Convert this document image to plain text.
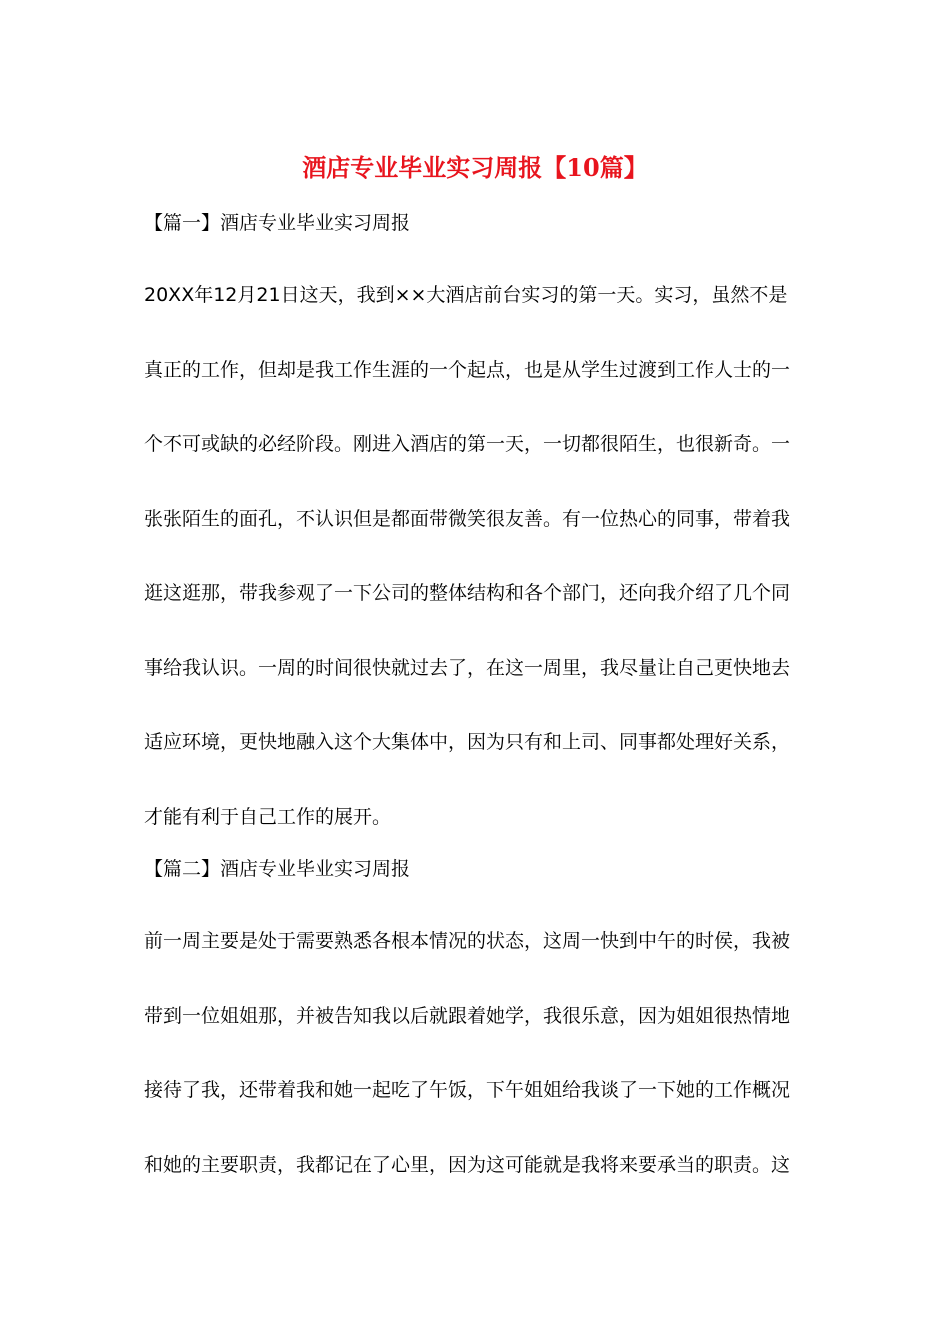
酒店专业毕业实习周报【10篇】

【篇一】酒店专业毕业实习周报

20XX年12月21日这天，我到××大酒店前台实习的第一天。实习，虽然不是
真正的工作，但却是我工作生涯的一个起点，也是从学生过渡到工作人士的一
个不可或缺的必经阶段。刚进入酒店的第一天，一切都很陌生，也很新奇。一
张张陌生的面孔，不认识但是都面带微笑很友善。有一位热心的同事，带着我
逛这逛那，带我参观了一下公司的整体结构和各个部门，还向我介绍了几个同
事给我认识。一周的时间很快就过去了，在这一周里，我尽量让自己更快地去
适应环境，更快地融入这个大集体中，因为只有和上司、同事都处理好关系，
才能有利于自己工作的展开。

【篇二】酒店专业毕业实习周报

前一周主要是处于需要熟悉各根本情况的状态，这周一快到中午的时侯，我被
带到一位姐姐那，并被告知我以后就跟着她学，我很乐意，因为姐姐很热情地
接待了我，还带着我和她一起吃了午饭，下午姐姐给我谈了一下她的工作概况
和她的主要职责，我都记在了心里，因为这可能就是我将来要承当的职责。这
